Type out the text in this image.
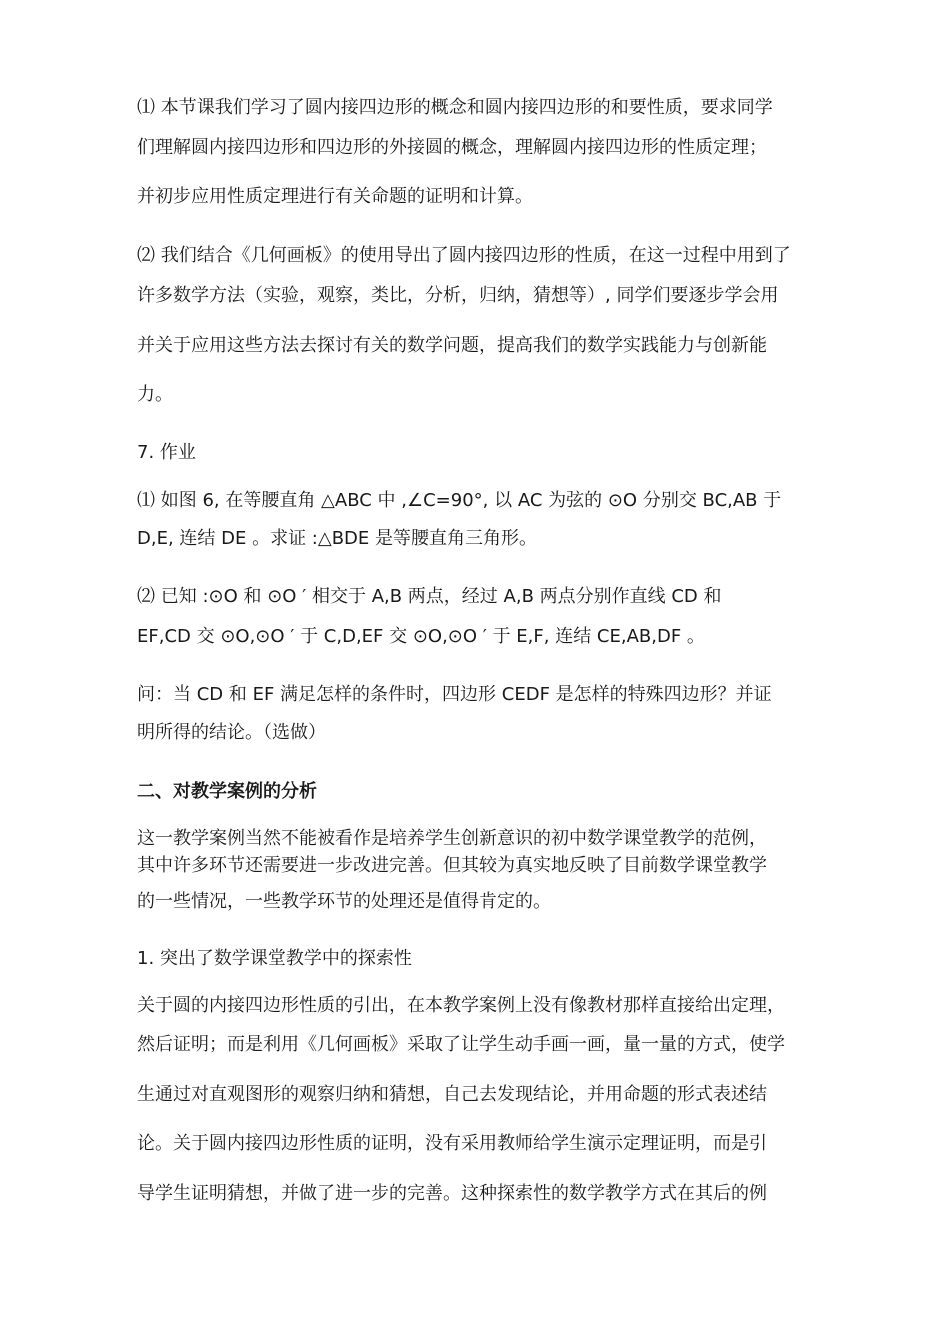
⑴ 本节课我们学习了圆内接四边形的概念和圆内接四边形的和要性质，要求同学
们理解圆内接四边形和四边形的外接圆的概念，理解圆内接四边形的性质定理；
并初步应用性质定理进行有关命题的证明和计算。
⑵ 我们结合《几何画板》的使用导出了圆内接四边形的性质，在这一过程中用到了
许多数学方法（实验，观察，类比，分析，归纳，猜想等）, 同学们要逐步学会用
并关于应用这些方法去探讨有关的数学问题，提高我们的数学实践能力与创新能
力。
7. 作业
⑴ 如图 6, 在等腰直角 △ABC 中 ,∠C=90°, 以 AC 为弦的 ⊙O 分别交 BC,AB 于
D,E, 连结 DE 。求证 :△BDE 是等腰直角三角形。
⑵ 已知 :⊙O 和 ⊙O ′ 相交于 A,B 两点，经过 A,B 两点分别作直线 CD 和
EF,CD 交 ⊙O,⊙O ′ 于 C,D,EF 交 ⊙O,⊙O ′ 于 E,F, 连结 CE,AB,DF 。
问：当 CD 和 EF 满足怎样的条件时，四边形 CEDF 是怎样的特殊四边形？并证
明所得的结论。（选做）
二、对教学案例的分析
这一教学案例当然不能被看作是培养学生创新意识的初中数学课堂教学的范例，
其中许多环节还需要进一步改进完善。但其较为真实地反映了目前数学课堂教学
的一些情况，一些教学环节的处理还是值得肯定的。
1. 突出了数学课堂教学中的探索性
关于圆的内接四边形性质的引出，在本教学案例上没有像教材那样直接给出定理，
然后证明；而是利用《几何画板》采取了让学生动手画一画，量一量的方式，使学
生通过对直观图形的观察归纳和猜想，自己去发现结论，并用命题的形式表述结
论。关于圆内接四边形性质的证明，没有采用教师给学生演示定理证明，而是引
导学生证明猜想，并做了进一步的完善。这种探索性的数学教学方式在其后的例
